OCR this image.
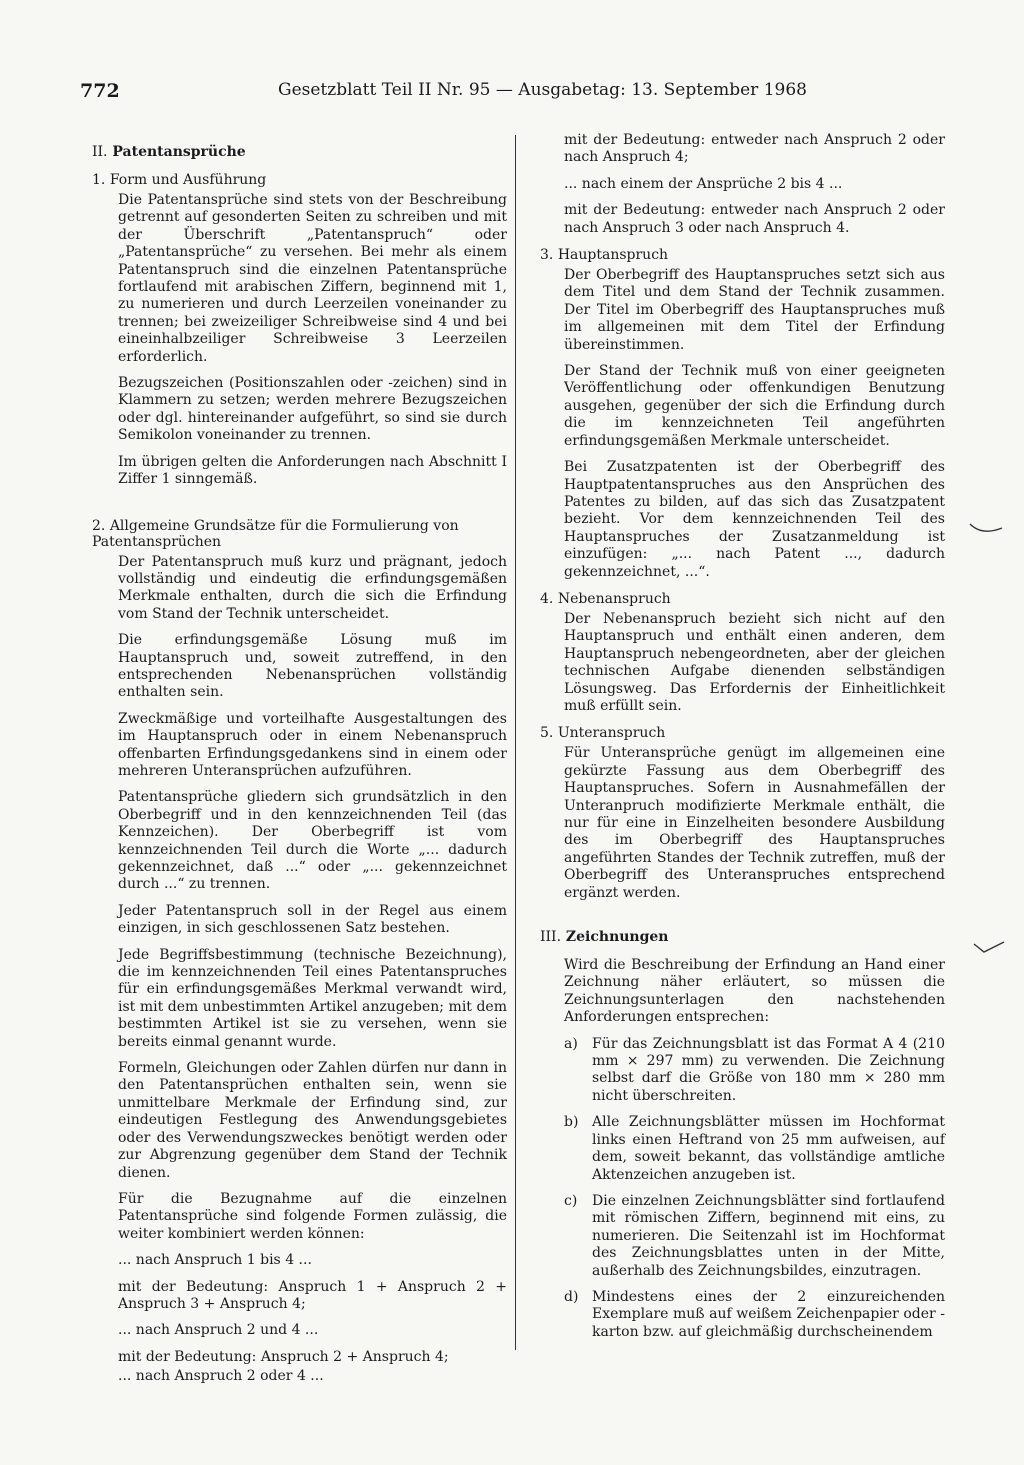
772	Gesetzblatt Teil II Nr. 95 — Ausgabetag: 13. September 1968
II. Patentansprüche
1. Form und Ausführung

Die Patentansprüche sind stets von der Beschreibung getrennt auf gesonderten Seiten zu schreiben und mit der Überschrift „Patentanspruch“ oder „Patentansprüche“ zu versehen. Bei mehr als einem Patentanspruch sind die einzelnen Patentansprüche fortlaufend mit arabischen Ziffern, beginnend mit 1, zu numerieren und durch Leerzeilen voneinander zu trennen; bei zweizeiliger Schreibweise sind 4 und bei eineinhalbzeiliger Schreibweise 3 Leerzeilen erforderlich.

Bezugszeichen (Positionszahlen oder -zeichen) sind in Klammern zu setzen; werden mehrere Bezugszeichen oder dgl. hintereinander aufgeführt, so sind sie durch Semikolon voneinander zu trennen.

Im übrigen gelten die Anforderungen nach Abschnitt I Ziffer 1 sinngemäß.

2. Allgemeine Grundsätze für die Formulierung von Patentansprüchen

Der Patentanspruch muß kurz und prägnant, jedoch vollständig und eindeutig die erfindungsgemäßen Merkmale enthalten, durch die sich die Erfindung vom Stand der Technik unterscheidet.

Die erfindungsgemäße Lösung muß im Hauptanspruch und, soweit zutreffend, in den entsprechenden Nebenansprüchen vollständig enthalten sein.

Zweckmäßige und vorteilhafte Ausgestaltungen des im Hauptanspruch oder in einem Nebenanspruch offenbarten Erfindungsgedankens sind in einem oder mehreren Unteransprüchen aufzuführen.

Patentansprüche gliedern sich grundsätzlich in den Oberbegriff und in den kennzeichnenden Teil (das Kennzeichen). Der Oberbegriff ist vom kennzeichnenden Teil durch die Worte „... dadurch gekennzeichnet, daß ...“ oder „... gekennzeichnet durch ...“ zu trennen.

Jeder Patentanspruch soll in der Regel aus einem einzigen, in sich geschlossenen Satz bestehen.

Jede Begriffsbestimmung (technische Bezeichnung), die im kennzeichnenden Teil eines Patentanspruches für ein erfindungsgemäßes Merkmal verwandt wird, ist mit dem unbestimmten Artikel anzugeben; mit dem bestimmten Artikel ist sie zu versehen, wenn sie bereits einmal genannt wurde.

Formeln, Gleichungen oder Zahlen dürfen nur dann in den Patentansprüchen enthalten sein, wenn sie unmittelbare Merkmale der Erfindung sind, zur eindeutigen Festlegung des Anwendungsgebietes oder des Verwendungszweckes benötigt werden oder zur Abgrenzung gegenüber dem Stand der Technik dienen.

Für die Bezugnahme auf die einzelnen Patentansprüche sind folgende Formen zulässig, die weiter kombiniert werden können:

... nach Anspruch 1 bis 4 ...

mit der Bedeutung: Anspruch 1 + Anspruch 2 + Anspruch 3 + Anspruch 4;

... nach Anspruch 2 und 4 ...

mit der Bedeutung: Anspruch 2 + Anspruch 4;

... nach Anspruch 2 oder 4 ...

mit der Bedeutung: entweder nach Anspruch 2 oder nach Anspruch 4;

... nach einem der Ansprüche 2 bis 4 ...

mit der Bedeutung: entweder nach Anspruch 2 oder nach Anspruch 3 oder nach Anspruch 4.

3. Hauptanspruch

Der Oberbegriff des Hauptanspruches setzt sich aus dem Titel und dem Stand der Technik zusammen. Der Titel im Oberbegriff des Hauptanspruches muß im allgemeinen mit dem Titel der Erfindung übereinstimmen.

Der Stand der Technik muß von einer geeigneten Veröffentlichung oder offenkundigen Benutzung ausgehen, gegenüber der sich die Erfindung durch die im kennzeichneten Teil angeführten erfindungsgemäßen Merkmale unterscheidet.

Bei Zusatzpatenten ist der Oberbegriff des Hauptpatentanspruches aus den Ansprüchen des Patentes zu bilden, auf das sich das Zusatzpatent bezieht. Vor dem kennzeichnenden Teil des Hauptanspruches der Zusatzanmeldung ist einzufügen: „... nach Patent ..., dadurch gekennzeichnet, ...“.

4. Nebenanspruch

Der Nebenanspruch bezieht sich nicht auf den Hauptanspruch und enthält einen anderen, dem Hauptanspruch nebengeordneten, aber der gleichen technischen Aufgabe dienenden selbständigen Lösungsweg. Das Erfordernis der Einheitlichkeit muß erfüllt sein.

5. Unteranspruch

Für Unteransprüche genügt im allgemeinen eine gekürzte Fassung aus dem Oberbegriff des Hauptanspruches. Sofern in Ausnahmefällen der Unteranpruch modifizierte Merkmale enthält, die nur für eine in Einzelheiten besondere Ausbildung des im Oberbegriff des Hauptanspruches angeführten Standes der Technik zutreffen, muß der Oberbegriff des Unteranspruches entsprechend ergänzt werden.

III. Zeichnungen

Wird die Beschreibung der Erfindung an Hand einer Zeichnung näher erläutert, so müssen die Zeichnungsunterlagen den nachstehenden Anforderungen entsprechen:

a)	Für das Zeichnungsblatt ist das Format A 4 (210 mm × 297 mm) zu verwenden. Die Zeichnung selbst darf die Größe von 180 mm × 280 mm nicht überschreiten.

b) Alle Zeichnungsblätter müssen im Hochformat links einen Heftrand von 25 mm aufweisen, auf dem, soweit bekannt, das vollständige amtliche Aktenzeichen anzugeben ist.

c)	Die einzelnen Zeichnungsblätter sind fortlaufend mit römischen Ziffern, beginnend mit eins, zu numerieren. Die Seitenzahl ist im Hochformat des Zeichnungsblattes unten in der Mitte, außerhalb des Zeichnungsbildes, einzutragen.

d) Mindestens eines der 2 einzureichenden Exemplare muß auf weißem Zeichenpapier oder -karton bzw. auf gleichmäßig durchscheinendem
